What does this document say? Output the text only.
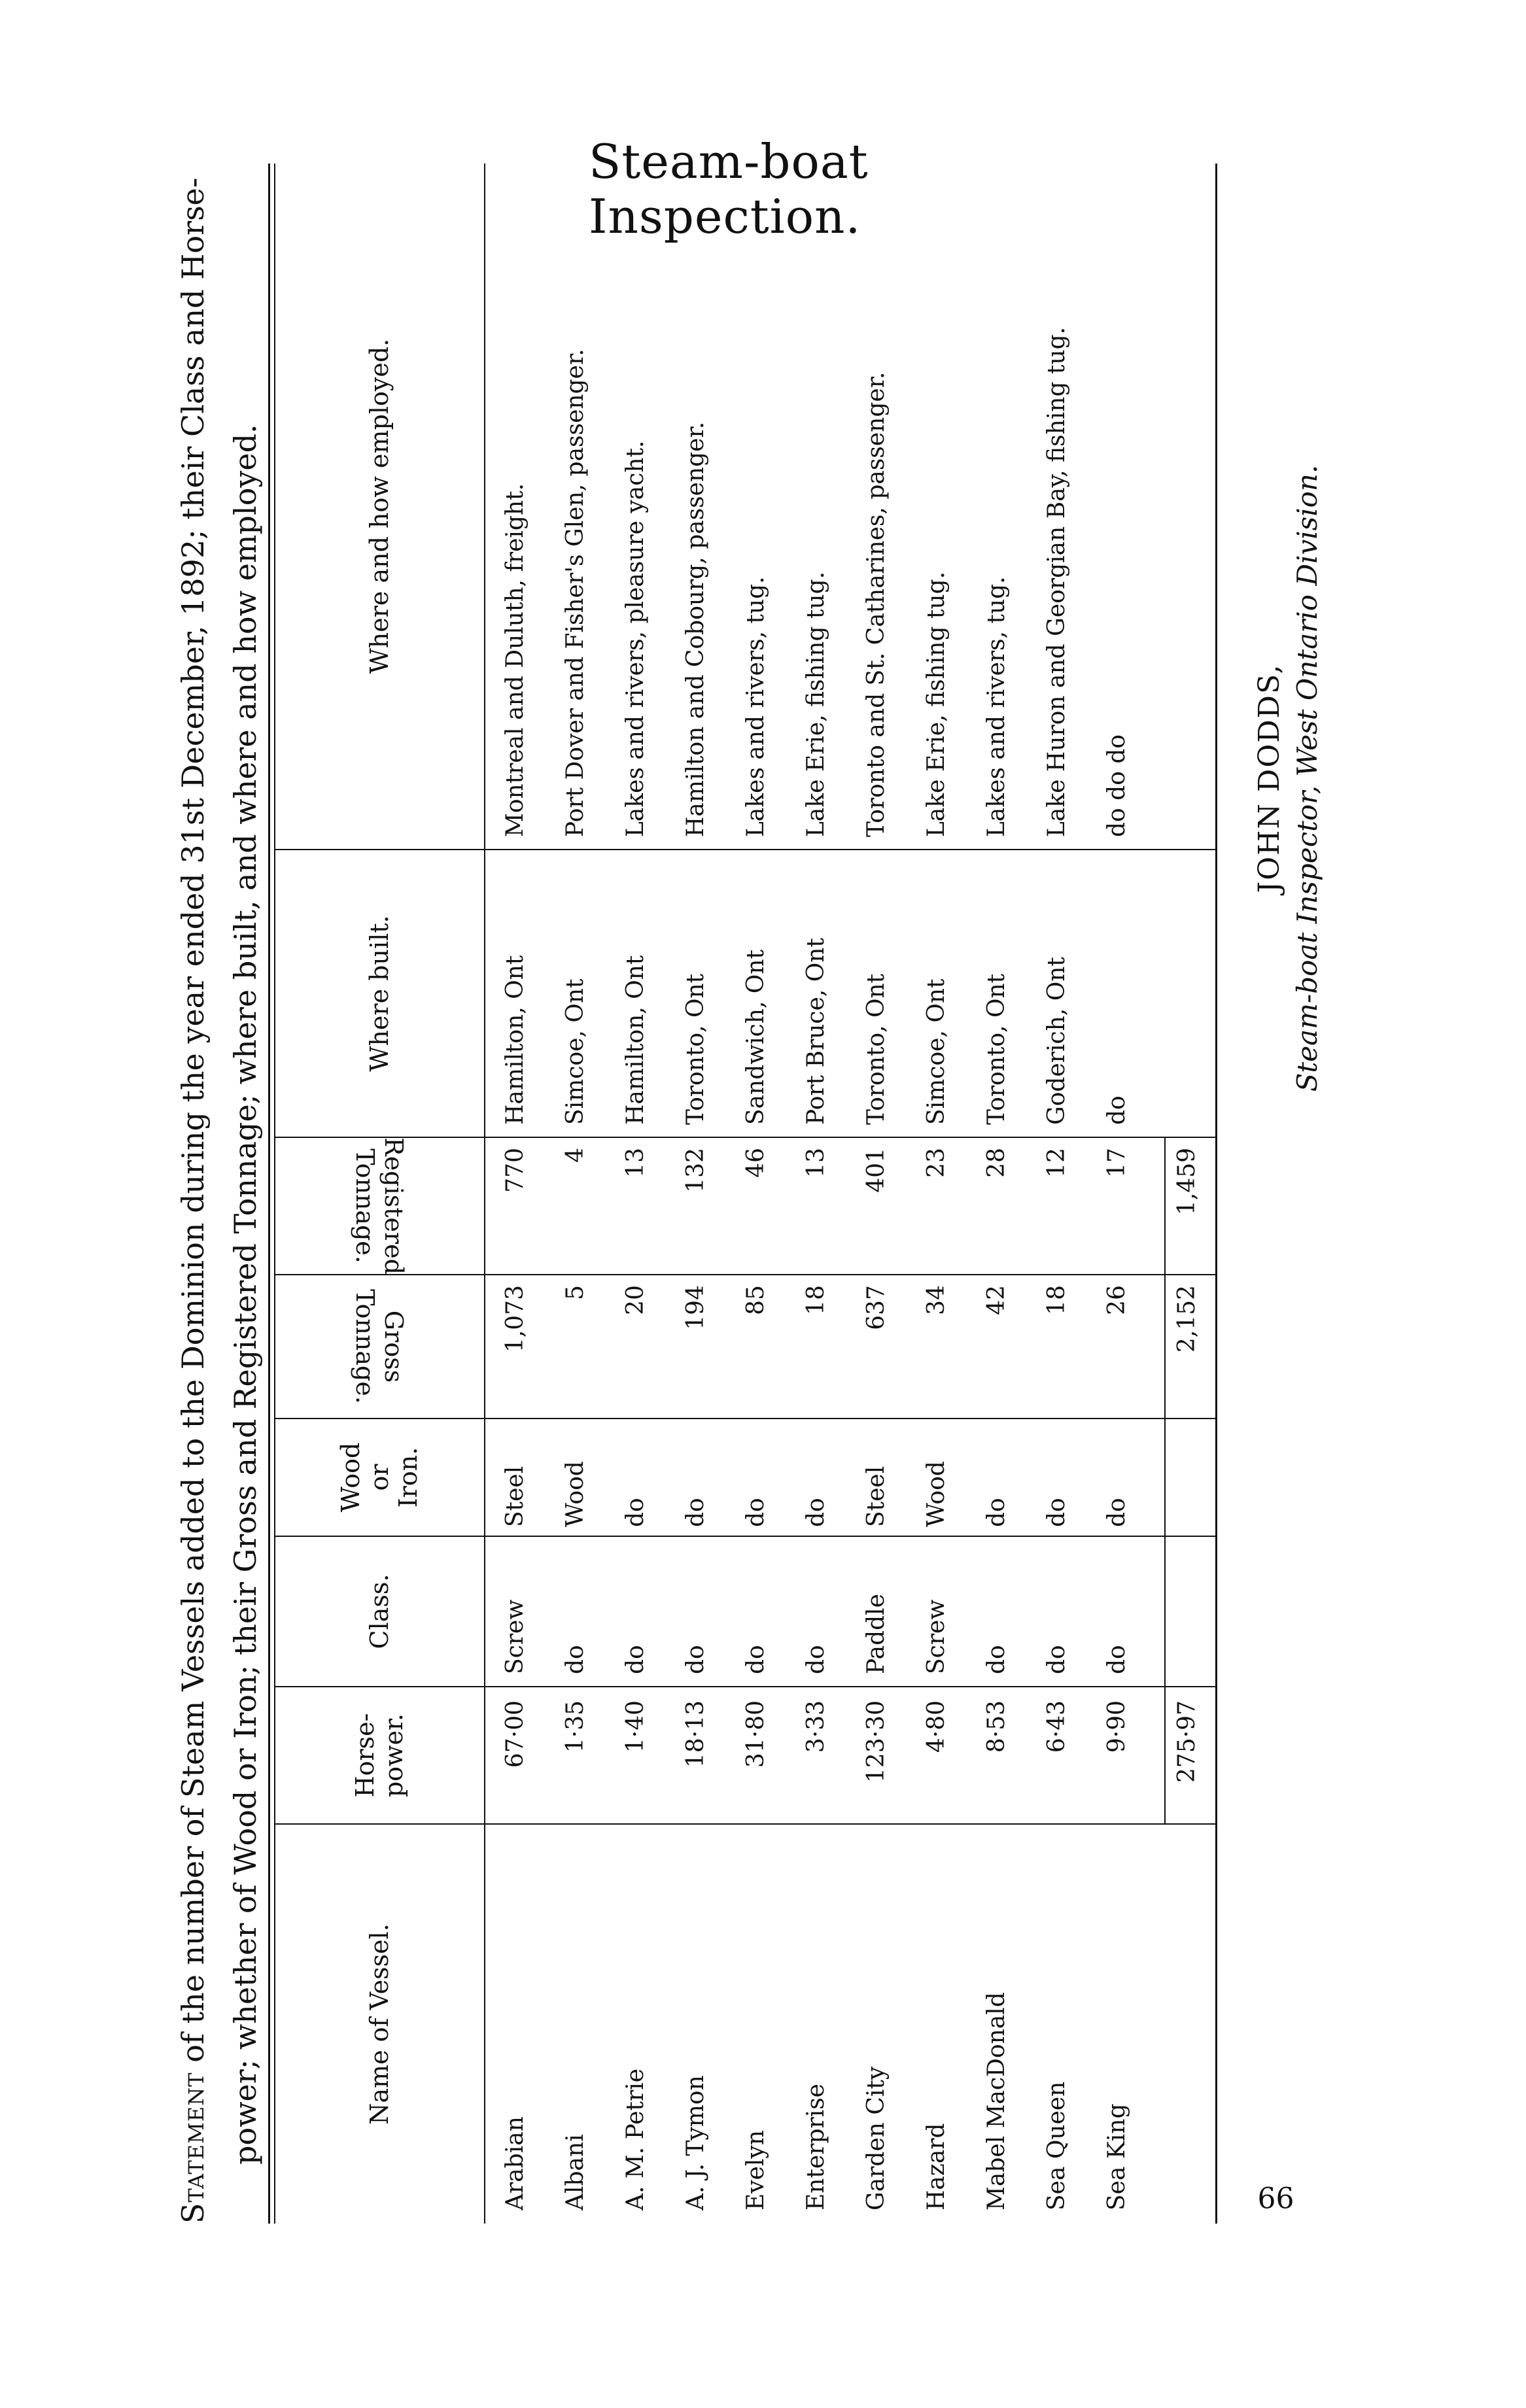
Steam-boat Inspection.
Statement of the number of Steam Vessels added to the Dominion during the year ended 31st December, 1892; their Class and Horse- power; whether of Wood or Iron; their Gross and Registered Tonnage; where built, and where and how employed.	Name of Vessel.
Horse-
power.
Class.
Wood
or
Iron.
Gross Tonnage.
Registered
Tonnage.
Where built.
Where and how employed.
Arabian
67·00
Screw
Steel
1,073
770
Hamilton, Ont
Montreal and Duluth, freight.
Albani
1·35
do
Wood
5
4
Simcoe, Ont
Port Dover and Fisher's Glen, passenger.
A. M. Petrie
1·40
do
do
20
13
Hamilton, Ont
Lakes and rivers, pleasure yacht.
A. J. Tymon
18·13
do
do
194
132
Toronto, Ont
Hamilton and Cobourg, passenger.
Evelyn
31·80
do
do
85
46
Sandwich, Ont
Lakes and rivers, tug.
Enterprise
3·33
do
do
18
13
Port Bruce, Ont
Lake Erie, fishing tug.
Garden City
123·30
Paddle
Steel
637
401
Toronto, Ont
Toronto and St. Catharines, passenger.
Hazard
4·80
Screw
Wood
34
23
Simcoe, Ont
Lake Erie, fishing tug.
Mabel MacDonald
8·53
do
do
42
28
Toronto, Ont
Lakes and rivers, tug.
Sea Queen
6·43
do
do
18
12
Goderich, Ont
Lake Huron and Georgian Bay, fishing tug.
Sea King
9·90
do
do
26
17
do
do do do
275·97
2,152
1,459
66
JOHN DODDS, Steam-boat Inspector, West Ontario Division.
